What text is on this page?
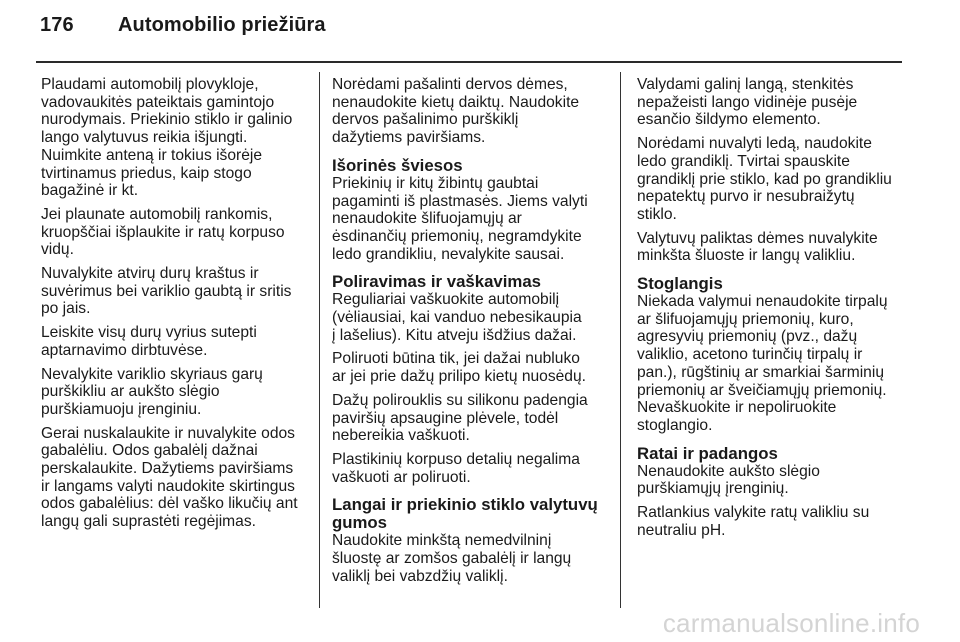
176	Automobilio priežiūra
Plaudami automobilį plovykloje,
vadovaukitės pateiktais gamintojo
nurodymais. Priekinio stiklo ir galinio
lango valytuvus reikia išjungti.
Nuimkite anteną ir tokius išorėje
tvirtinamus priedus, kaip stogo
bagažinė ir kt.
Jei plaunate automobilį rankomis,
kruopščiai išplaukite ir ratų korpuso
vidų.
Nuvalykite atvirų durų kraštus ir
suvėrimus bei variklio gaubtą ir sritis
po jais.
Leiskite visų durų vyrius sutepti
aptarnavimo dirbtuvėse.
Nevalykite variklio skyriaus garų
purškikliu ar aukšto slėgio
purškiamuoju įrenginiu.
Gerai nuskalaukite ir nuvalykite odos
gabalėliu. Odos gabalėlį dažnai
perskalaukite. Dažytiems paviršiams
ir langams valyti naudokite skirtingus
odos gabalėlius: dėl vaško likučių ant
langų gali suprastėti regėjimas.
Norėdami pašalinti dervos dėmes,
nenaudokite kietų daiktų. Naudokite
dervos pašalinimo purškiklį
dažytiems paviršiams.
Išorinės šviesos
Priekinių ir kitų žibintų gaubtai
pagaminti iš plastmasės. Jiems valyti
nenaudokite šlifuojamųjų ar
ėsdinančių priemonių, negramdykite
ledo grandikliu, nevalykite sausai.
Poliravimas ir vaškavimas
Reguliariai vaškuokite automobilį
(vėliausiai, kai vanduo nebesikaupia
į lašelius). Kitu atveju išdžius dažai.
Poliruoti būtina tik, jei dažai nubluko
ar jei prie dažų prilipo kietų nuosėdų.
Dažų polirouklis su silikonu padengia
paviršių apsaugine plėvele, todėl
nebereikia vaškuoti.
Plastikinių korpuso detalių negalima
vaškuoti ar poliruoti.
Langai ir priekinio stiklo valytuvų
gumos
Naudokite minkštą nemedvilninį
šluostę ar zomšos gabalėlį ir langų
valiklį bei vabzdžių valiklį.
Valydami galinį langą, stenkitės
nepažeisti lango vidinėje pusėje
esančio šildymo elemento.
Norėdami nuvalyti ledą, naudokite
ledo grandiklį. Tvirtai spauskite
grandiklį prie stiklo, kad po grandikliu
nepatektų purvo ir nesubraižytų
stiklo.
Valytuvų paliktas dėmes nuvalykite
minkšta šluoste ir langų valikliu.
Stoglangis
Niekada valymui nenaudokite tirpalų
ar šlifuojamųjų priemonių, kuro,
agresyvių priemonių (pvz., dažų
valiklio, acetono turinčių tirpalų ir
pan.), rūgštinių ar smarkiai šarminių
priemonių ar šveičiamųjų priemonių.
Nevaškuokite ir nepoliruokite
stoglangio.
Ratai ir padangos
Nenaudokite aukšto slėgio
purškiamųjų įrenginių.
Ratlankius valykite ratų valikliu su
neutraliu pH.
carmanualsonline.info
